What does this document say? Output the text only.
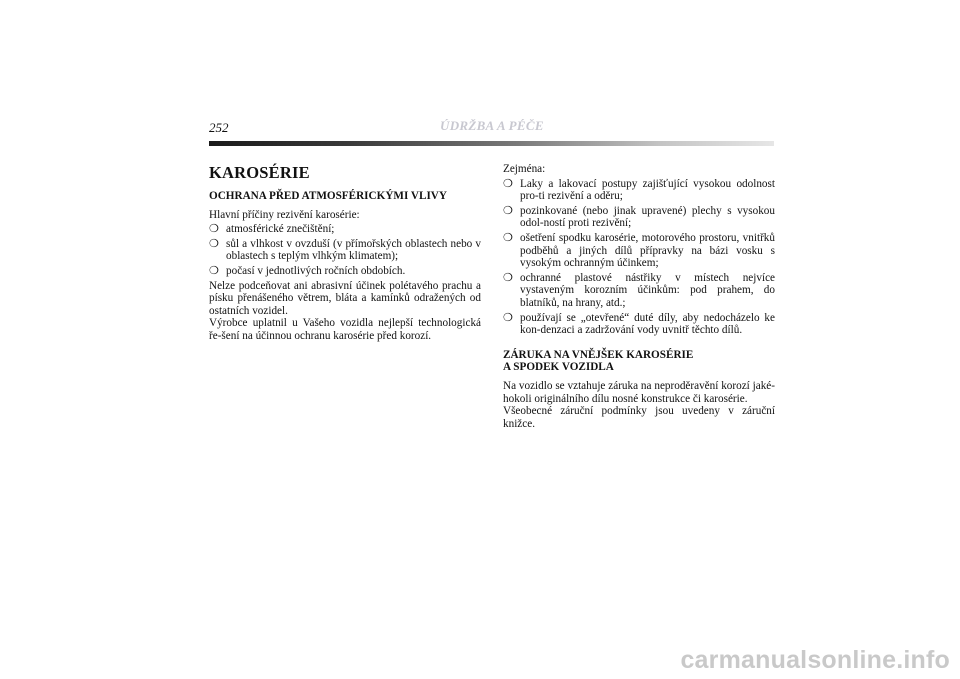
252	ÚDRŽBA A PÉČE
KAROSÉRIE
OCHRANA PŘED ATMOSFÉRICKÝMI VLIVY

Hlavní příčiny rezivění karosérie:

❍ atmosférické znečištění;
❍ sůl a vlhkost v ovzduší (v přímořských oblastech nebo v oblastech s teplým vlhkým klimatem);
❍ počasí v jednotlivých ročních obdobích.

Nelze podceňovat ani abrasivní účinek polétavého prachu a písku přenášeného větrem, bláta a kamínků odražených od ostatních vozidel.

Výrobce uplatnil u Vašeho vozidla nejlepší technologická ře-šení na účinnou ochranu karosérie před korozí.

Zejména:

❍ Laky a lakovací postupy zajišťující vysokou odolnost pro-ti rezivění a oděru;
❍ pozinkované (nebo jinak upravené) plechy s vysokou odol-ností proti rezivění;
❍ ošetření spodku karosérie, motorového prostoru, vnitřků podběhů a jiných dílů přípravky na bázi vosku s vysokým ochranným účinkem;
❍ ochranné plastové nástřiky v místech nejvíce vystaveným korozním účinkům: pod prahem, do blatníků, na hrany, atd.;
❍ používají se „otevřené“ duté díly, aby nedocházelo ke kon-denzaci a zadržování vody uvnitř těchto dílů.
ZÁRUKA NA VNĚJŠEK KAROSÉRIE
A SPODEK VOZIDLA

Na vozidlo se vztahuje záruka na neproděravění korozí jaké-hokoli originálního dílu nosné konstrukce či karosérie.

Všeobecné záruční podmínky jsou uvedeny v záruční knižce.

carmanualsonline.info
